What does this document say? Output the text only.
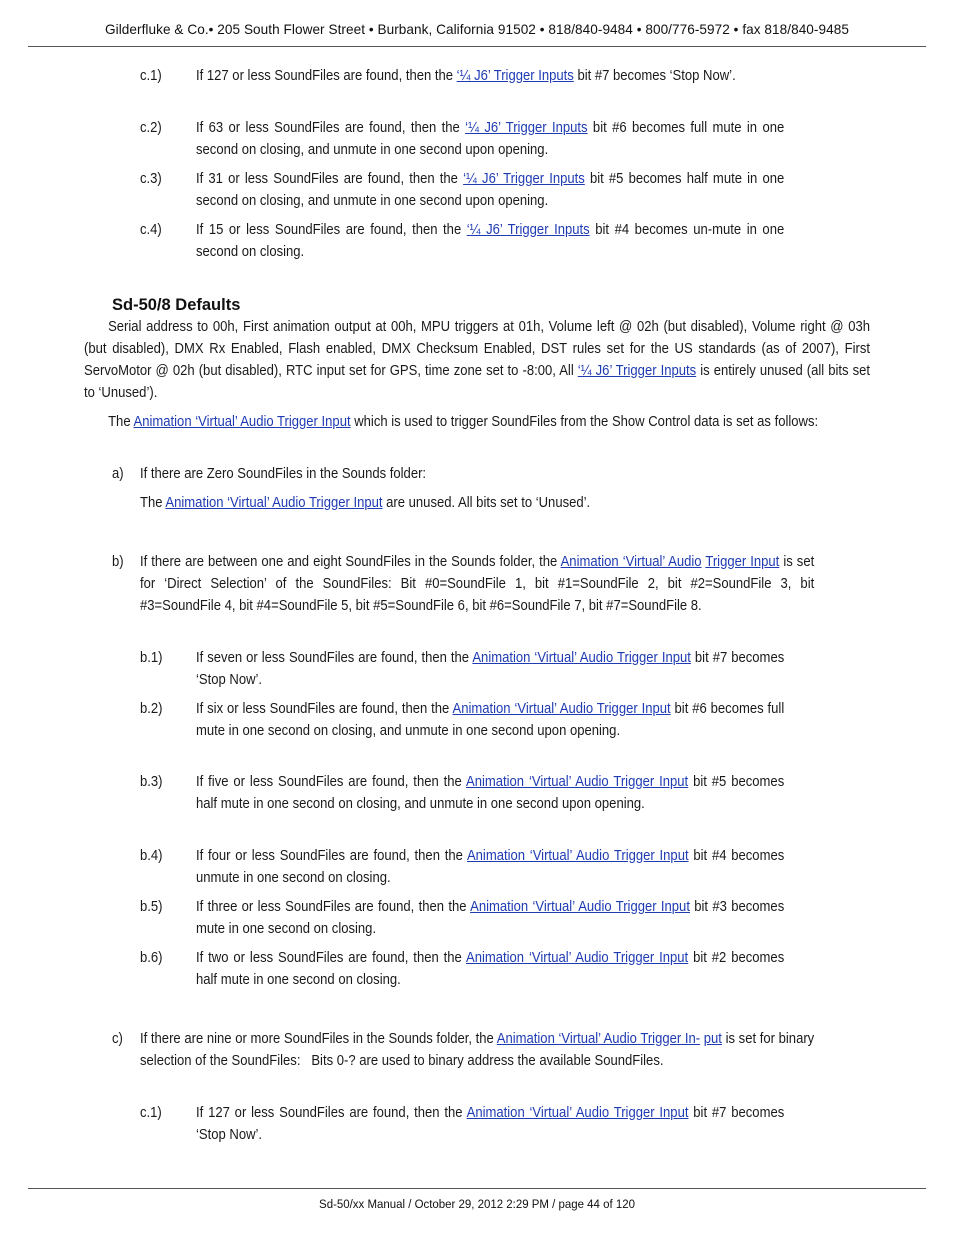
Gilderfluke & Co.• 205 South Flower Street • Burbank, California 91502 • 818/840-9484 • 800/776-5972 • fax 818/840-9485
c.1) If 127 or less SoundFiles are found, then the ‘¼ J6’ Trigger Inputs bit #7 becomes ‘Stop Now’.
c.2) If 63 or less SoundFiles are found, then the ‘¼ J6’ Trigger Inputs bit #6 becomes full mute in one second on closing, and unmute in one second upon opening.
c.3) If 31 or less SoundFiles are found, then the ‘¼ J6’ Trigger Inputs bit #5 becomes half mute in one second on closing, and unmute in one second upon opening.
c.4) If 15 or less SoundFiles are found, then the ‘¼ J6’ Trigger Inputs bit #4 becomes un-mute in one second on closing.
Sd-50/8 Defaults
Serial address to 00h, First animation output at 00h, MPU triggers at 01h, Volume left @ 02h (but disabled), Volume right @ 03h (but disabled), DMX Rx Enabled, Flash enabled, DMX Checksum Enabled, DST rules set for the US standards (as of 2007), First ServoMotor @ 02h (but disabled), RTC input set for GPS, time zone set to -8:00, All ‘¼ J6’ Trigger Inputs is entirely unused (all bits set to ‘Unused’).
The Animation ‘Virtual’ Audio Trigger Input which is used to trigger SoundFiles from the Show Control data is set as follows:
a) If there are Zero SoundFiles in the Sounds folder:
The Animation ‘Virtual’ Audio Trigger Input are unused. All bits set to ‘Unused’.
b) If there are between one and eight SoundFiles in the Sounds folder, the Animation ‘Virtual’ Audio Trigger Input is set for ‘Direct Selection’ of the SoundFiles: Bit #0=SoundFile 1, bit #1=SoundFile 2, bit #2=SoundFile 3, bit #3=SoundFile 4, bit #4=SoundFile 5, bit #5=SoundFile 6, bit #6=SoundFile 7, bit #7=SoundFile 8.
b.1) If seven or less SoundFiles are found, then the Animation ‘Virtual’ Audio Trigger Input bit #7 becomes ‘Stop Now’.
b.2) If six or less SoundFiles are found, then the Animation ‘Virtual’ Audio Trigger Input bit #6 becomes full mute in one second on closing, and unmute in one second upon opening.
b.3) If five or less SoundFiles are found, then the Animation ‘Virtual’ Audio Trigger Input bit #5 becomes half mute in one second on closing, and unmute in one second upon opening.
b.4) If four or less SoundFiles are found, then the Animation ‘Virtual’ Audio Trigger Input bit #4 becomes unmute in one second on closing.
b.5) If three or less SoundFiles are found, then the Animation ‘Virtual’ Audio Trigger Input bit #3 becomes mute in one second on closing.
b.6) If two or less SoundFiles are found, then the Animation ‘Virtual’ Audio Trigger Input bit #2 becomes half mute in one second on closing.
c) If there are nine or more SoundFiles in the Sounds folder, the Animation ‘Virtual’ Audio Trigger In- put is set for binary selection of the SoundFiles:   Bits 0-? are used to binary address the available SoundFiles.
c.1) If 127 or less SoundFiles are found, then the Animation ‘Virtual’ Audio Trigger Input bit #7 becomes ‘Stop Now’.
Sd-50/xx Manual / October 29, 2012 2:29 PM / page 44 of 120
